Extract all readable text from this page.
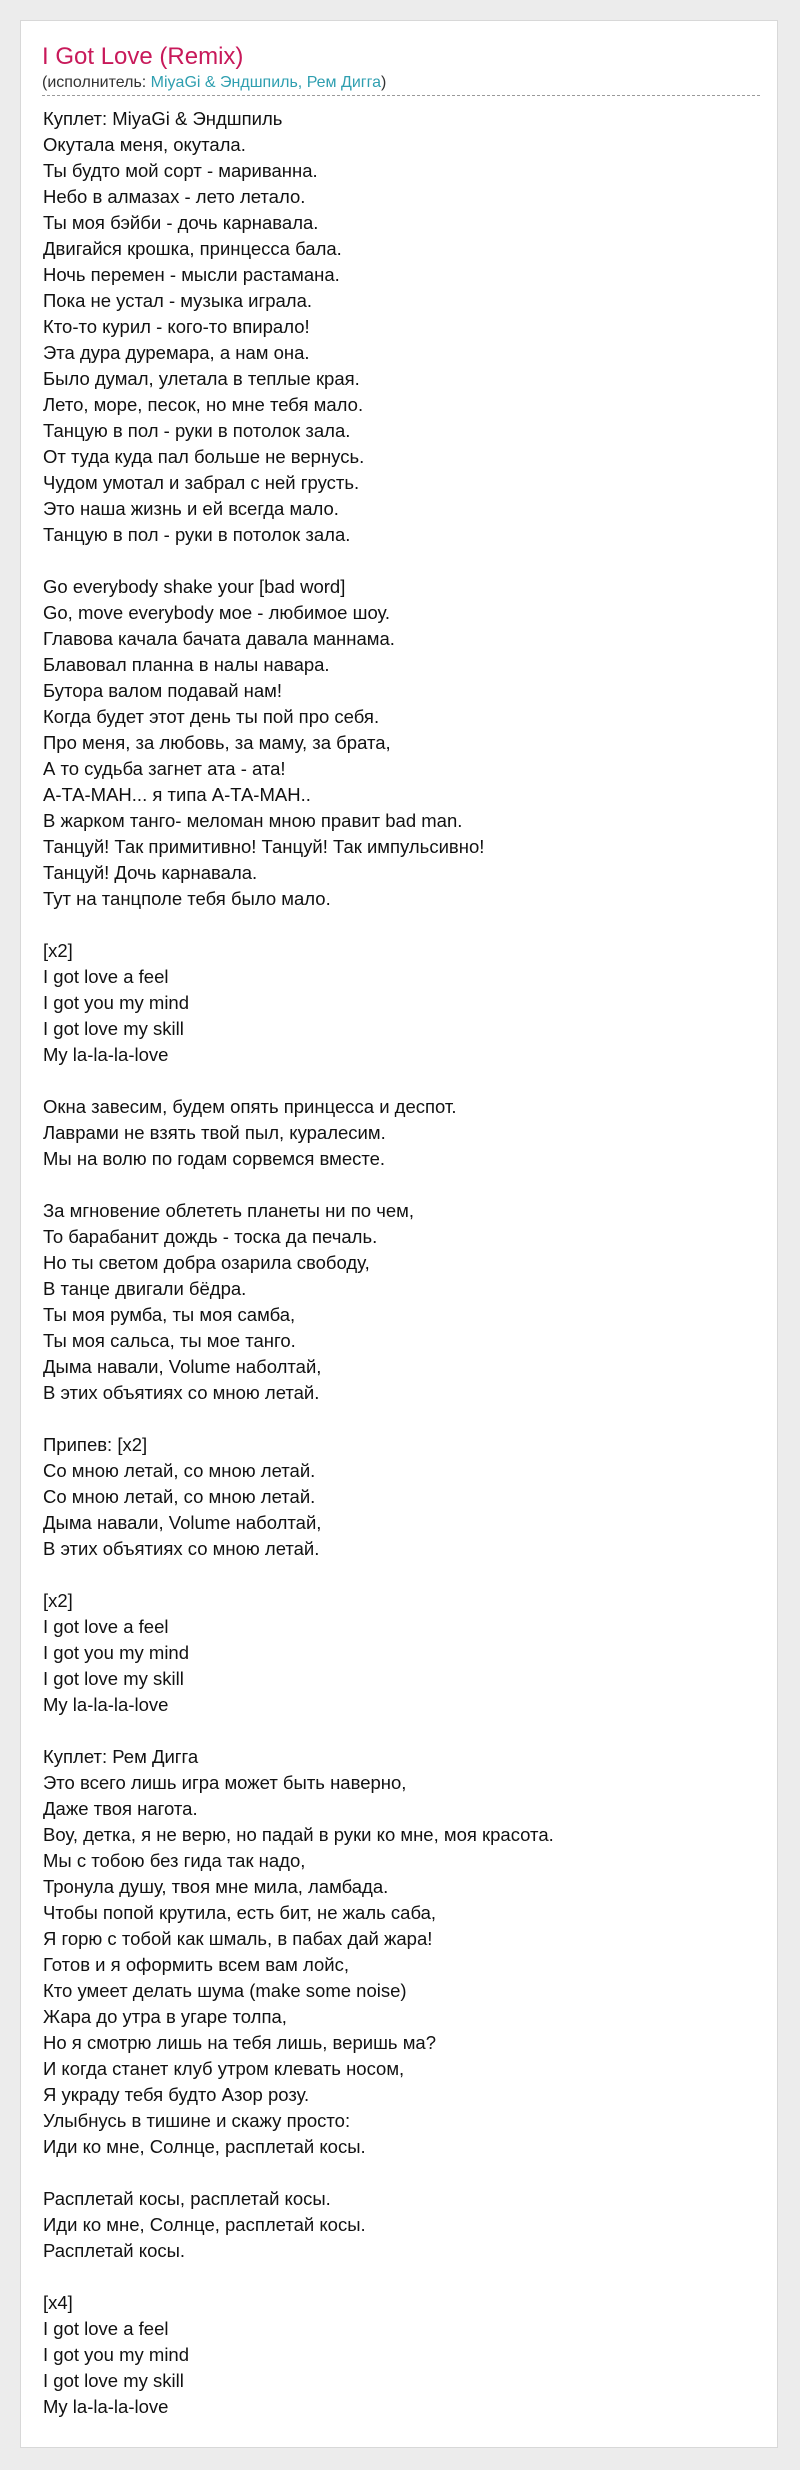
I Got Love (Remix)
(исполнитель: MiyaGi & Эндшпиль, Рем Дигга)
Куплет: MiyaGi & Эндшпиль
Окутала меня, окутала.
Ты будто мой сорт - мариванна.
Небо в алмазах - лето летало.
Ты моя бэйби - дочь карнавала.
Двигайся крошка, принцесса бала.
Ночь перемен - мысли растамана.
Пока не устал - музыка играла.
Кто-то курил - кого-то впирало!
Эта дура дуремара, а нам она.
Было думал, улетала в теплые края.
Лето, море, песок, но мне тебя мало.
Танцую в пол - руки в потолок зала.
От туда куда пал больше не вернусь.
Чудом умотал и забрал с ней грусть.
Это наша жизнь и ей всегда мало.
Танцую в пол - руки в потолок зала.
Go everybody shake your [bad word]
Go, move everybody мое - любимое шоу.
Главова качала бачата давала маннама.
Блавовал планна в налы навара.
Бутора валом подавай нам!
Когда будет этот день ты пой про себя.
Про меня, за любовь, за маму, за брата,
А то судьба загнет ата - ата!
А-ТА-МАН... я типа А-ТА-МАН..
В жарком танго- меломан мною правит bad man.
Танцуй! Так примитивно! Танцуй! Так импульсивно!
Танцуй! Дочь карнавала.
Тут на танцполе тебя было мало.
[x2]
I got love a feel
I got you my mind
I got love my skill
My la-la-la-love
Окна завесим, будем опять принцесса и деспот.
Лаврами не взять твой пыл, куралесим.
Мы на волю по годам сорвемся вместе.
За мгновение облететь планеты ни по чем,
То барабанит дождь - тоска да печаль.
Но ты светом добра озарила свободу,
В танце двигали бёдра.
Ты моя румба, ты моя самба,
Ты моя сальса, ты мое танго.
Дыма навали, Volume наболтай,
В этих объятиях со мною летай.
Припев: [x2]
Со мною летай, со мною летай.
Со мною летай, со мною летай.
Дыма навали, Volume наболтай,
В этих объятиях со мною летай.
[x2]
I got love a feel
I got you my mind
I got love my skill
My la-la-la-love
Куплет: Рем Дигга
Это всего лишь игра может быть наверно,
Даже твоя нагота.
Воу, детка, я не верю, но падай в руки ко мне, моя красота.
Мы с тобою без гида так надо,
Тронула душу, твоя мне мила, ламбада.
Чтобы попой крутила, есть бит, не жаль саба,
Я горю с тобой как шмаль, в пабах дай жара!
Готов и я оформить всем вам лойс,
Кто умеет делать шума (make some noise)
Жара до утра в угаре толпа,
Но я смотрю лишь на тебя лишь, веришь ма?
И когда станет клуб утром клевать носом,
Я украду тебя будто Азор розу.
Улыбнусь в тишине и скажу просто:
Иди ко мне, Солнце, расплетай косы.
Расплетай косы, расплетай косы.
Иди ко мне, Солнце, расплетай косы.
Расплетай косы.
[x4]
I got love a feel
I got you my mind
I got love my skill
My la-la-la-love
